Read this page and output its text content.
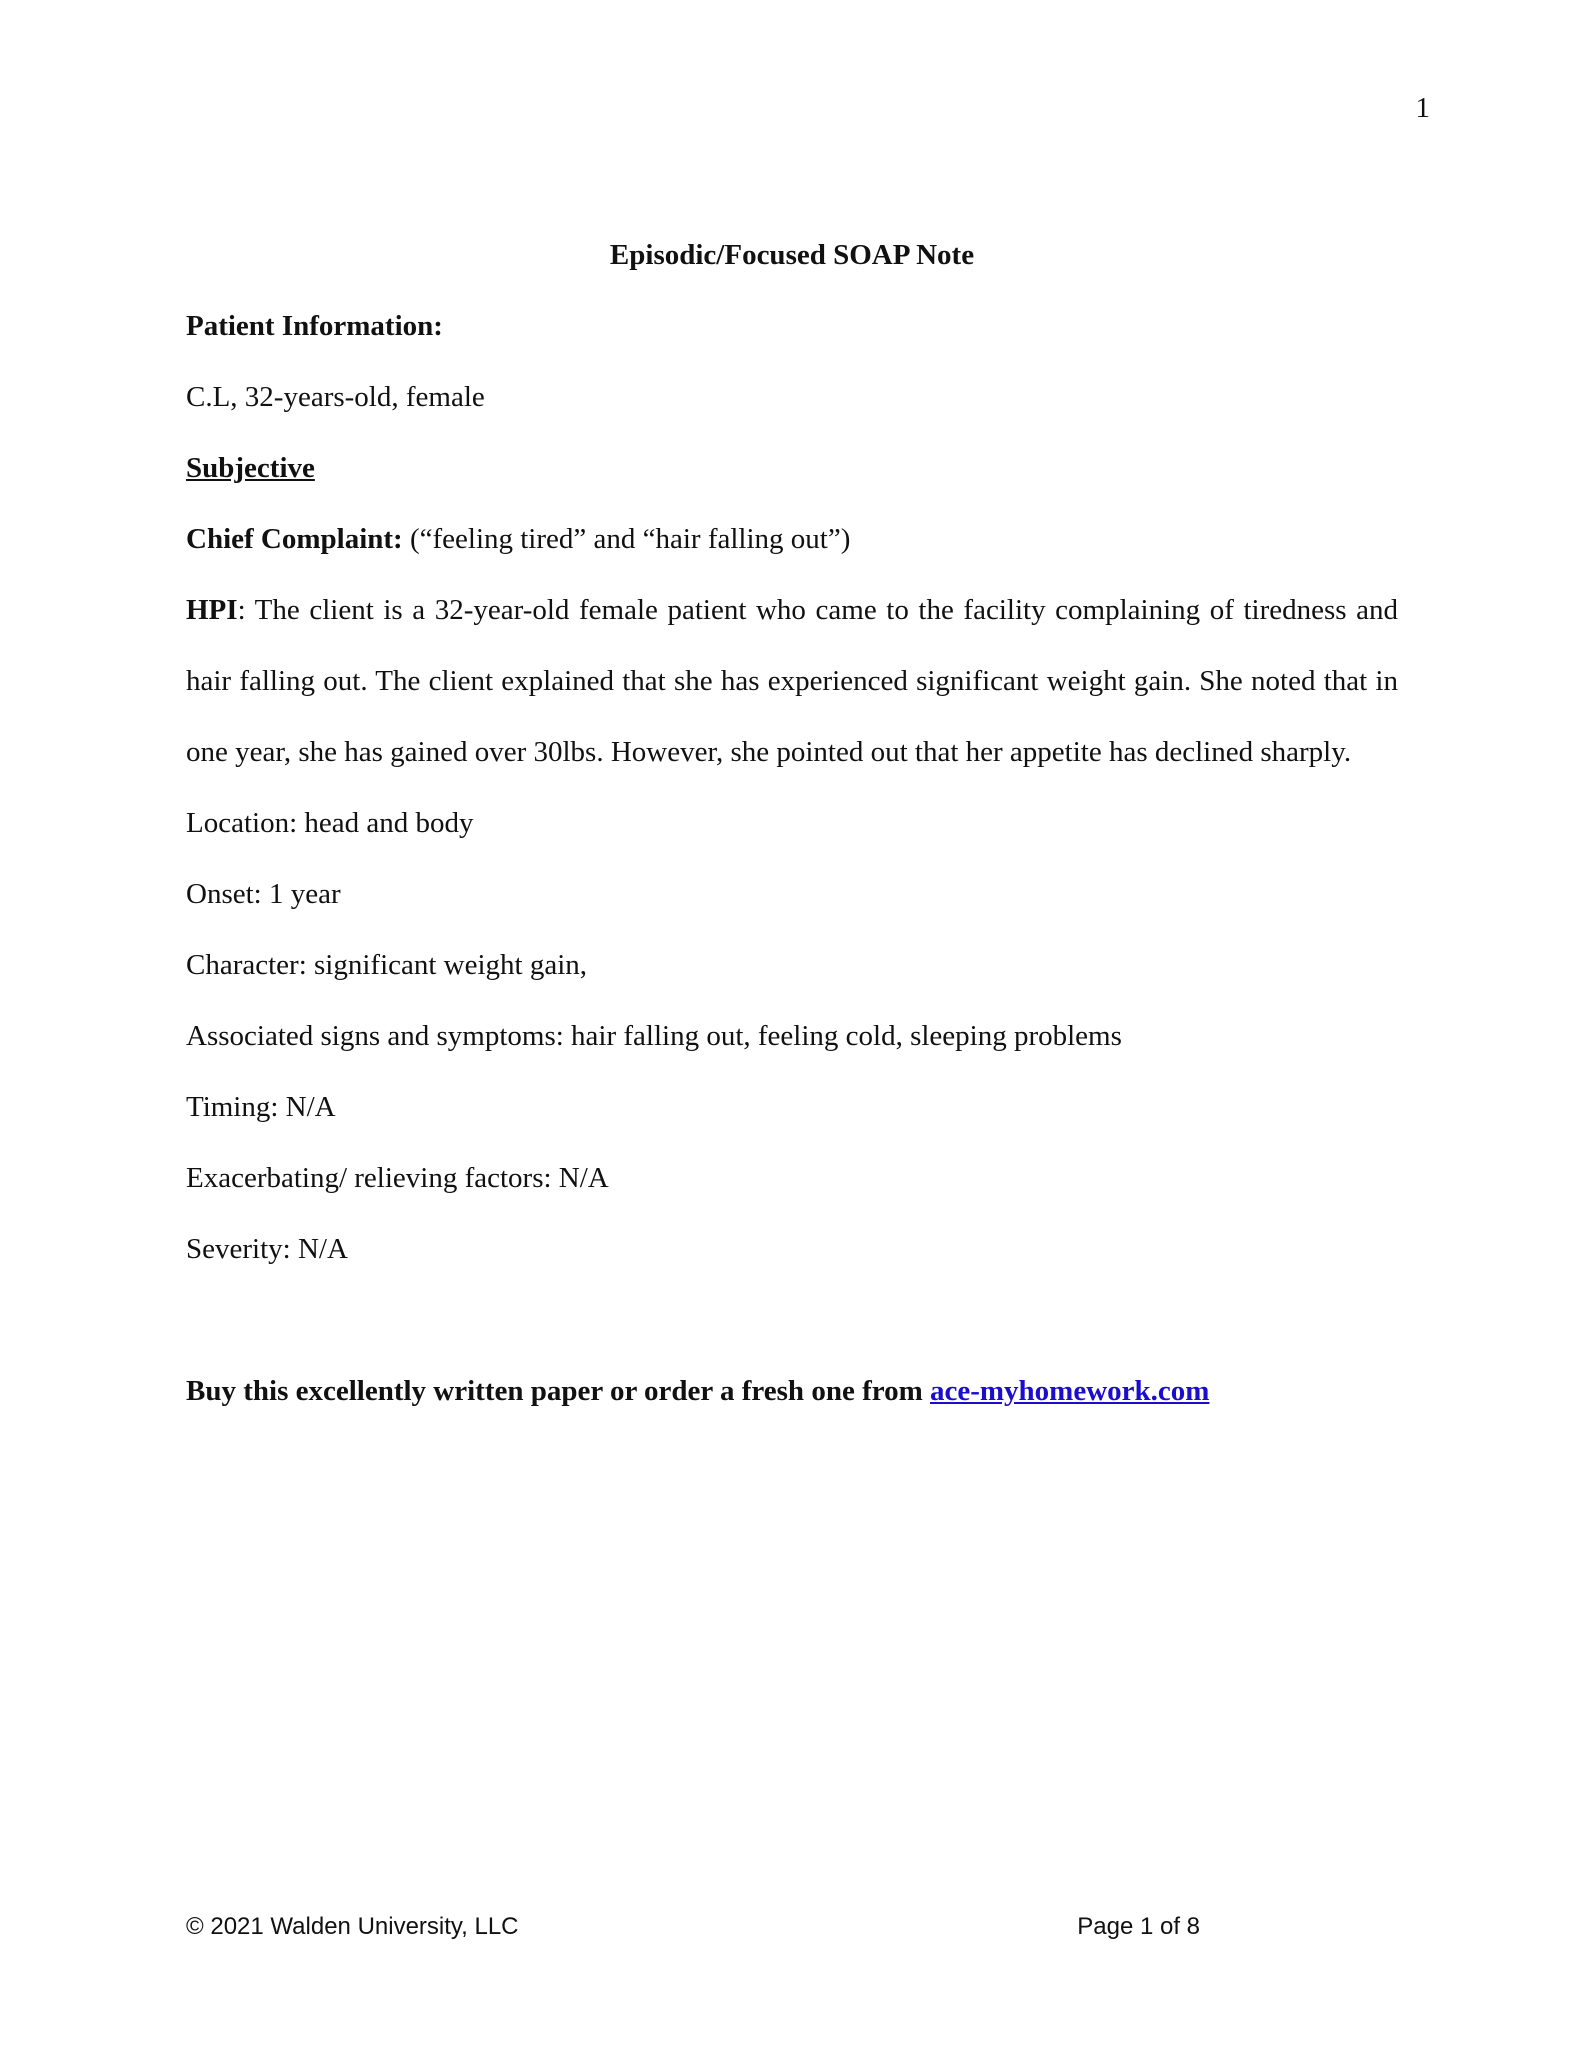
1
Episodic/Focused SOAP Note
Patient Information:
C.L, 32-years-old, female
Subjective
Chief Complaint: (“feeling tired” and “hair falling out”)
HPI: The client is a 32-year-old female patient who came to the facility complaining of tiredness and hair falling out. The client explained that she has experienced significant weight gain. She noted that in one year, she has gained over 30lbs. However, she pointed out that her appetite has declined sharply.
Location: head and body
Onset: 1 year
Character: significant weight gain,
Associated signs and symptoms: hair falling out, feeling cold, sleeping problems
Timing: N/A
Exacerbating/ relieving factors: N/A
Severity: N/A
Buy this excellently written paper or order a fresh one from ace-myhomework.com
© 2021 Walden University, LLC	Page 1 of 8
